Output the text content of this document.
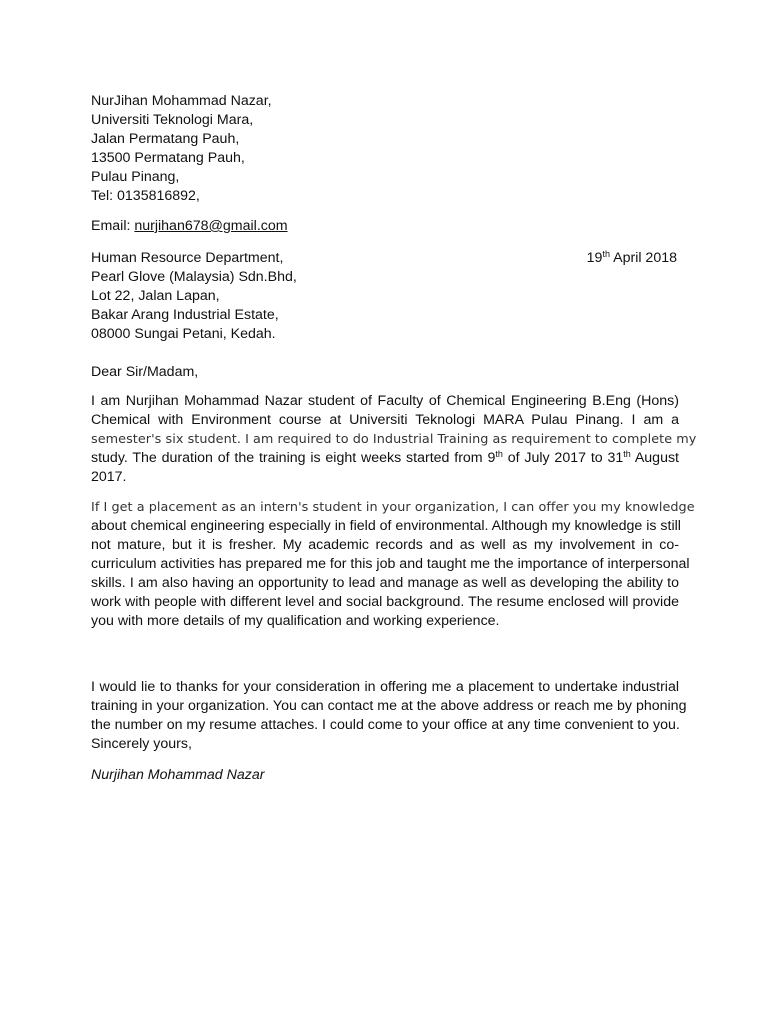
NurJihan Mohammad Nazar,
Universiti Teknologi Mara,
Jalan Permatang Pauh,
13500 Permatang Pauh,
Pulau Pinang,
Tel: 0135816892,
Email: nurjihan678@gmail.com
Human Resource Department,
Pearl Glove (Malaysia) Sdn.Bhd,
Lot 22, Jalan Lapan,
Bakar Arang Industrial Estate,
08000 Sungai Petani, Kedah.
19th April 2018
Dear Sir/Madam,
I am Nurjihan Mohammad Nazar student of Faculty of Chemical Engineering B.Eng (Hons)
Chemical with Environment course at Universiti Teknologi MARA Pulau Pinang. I am a
semester's six student. I am required to do Industrial Training as requirement to complete my
study. The duration of the training is eight weeks started from 9th of July 2017 to 31th August
2017.
If I get a placement as an intern's student in your organization, I can offer you my knowledge
about chemical engineering especially in field of environmental. Although my knowledge is still
not mature, but it is fresher. My academic records and as well as my involvement in co-
curriculum activities has prepared me for this job and taught me the importance of interpersonal
skills. I am also having an opportunity to lead and manage as well as developing the ability to
work with people with different level and social background. The resume enclosed will provide
you with more details of my qualification and working experience.
I would lie to thanks for your consideration in offering me a placement to undertake industrial
training in your organization. You can contact me at the above address or reach me by phoning
the number on my resume attaches. I could come to your office at any time convenient to you.
Sincerely yours,
Nurjihan Mohammad Nazar
